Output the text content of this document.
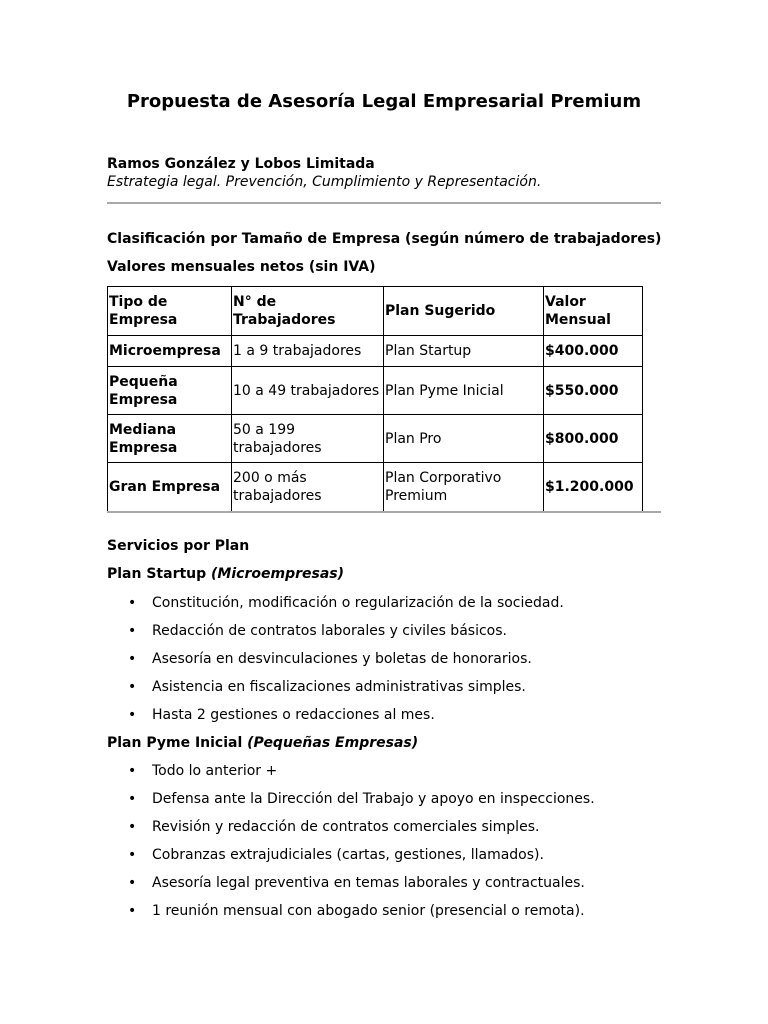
Propuesta de Asesoría Legal Empresarial Premium
Ramos González y Lobos Limitada
Estrategia legal. Prevención, Cumplimiento y Representación.
Clasificación por Tamaño de Empresa (según número de trabajadores)
Valores mensuales netos (sin IVA)
Tipo de Empresa	N° de Trabajadores	Plan Sugerido	Valor Mensual
Microempresa	1 a 9 trabajadores	Plan Startup	$400.000
Pequeña Empresa	10 a 49 trabajadores	Plan Pyme Inicial	$550.000
Mediana Empresa	50 a 199 trabajadores	Plan Pro	$800.000
Gran Empresa	200 o más trabajadores	Plan Corporativo Premium	$1.200.000
Servicios por Plan
Plan Startup (Microempresas)
• Constitución, modificación o regularización de la sociedad.
• Redacción de contratos laborales y civiles básicos.
• Asesoría en desvinculaciones y boletas de honorarios.
• Asistencia en fiscalizaciones administrativas simples.
• Hasta 2 gestiones o redacciones al mes.
Plan Pyme Inicial (Pequeñas Empresas)
• Todo lo anterior +
• Defensa ante la Dirección del Trabajo y apoyo en inspecciones.
• Revisión y redacción de contratos comerciales simples.
• Cobranzas extrajudiciales (cartas, gestiones, llamados).
• Asesoría legal preventiva en temas laborales y contractuales.
• 1 reunión mensual con abogado senior (presencial o remota).
